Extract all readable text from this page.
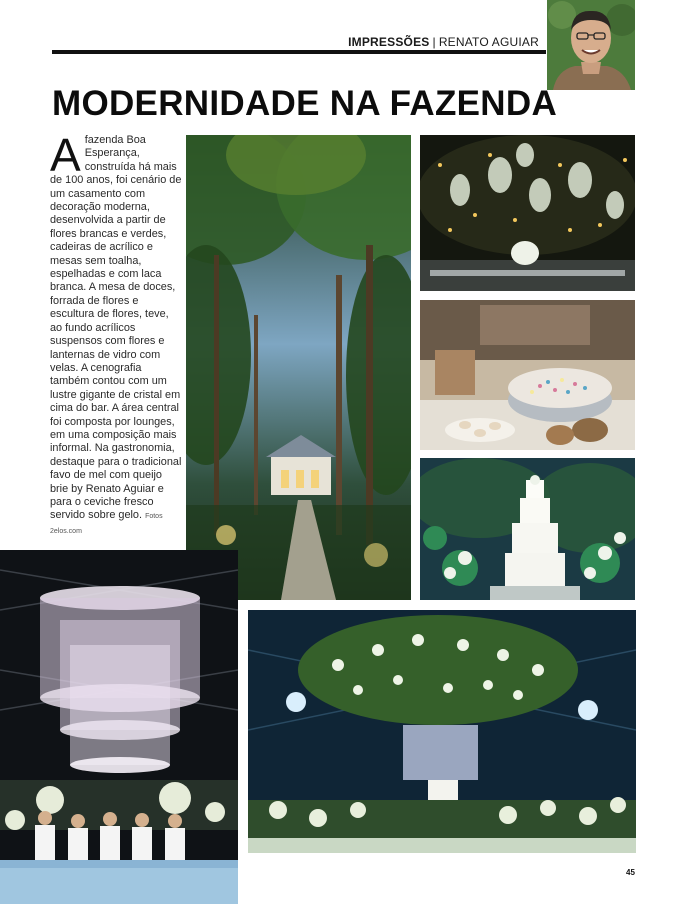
IMPRESSÕES | RENATO AGUIAR
MODERNIDADE NA FAZENDA
Afazenda Boa Esperança, construída há mais de 100 anos, foi cenário de um casamento com decoração moderna, desenvolvida a partir de flores brancas e verdes, cadeiras de acrílico e mesas sem toalha, espelhadas e com laca branca. A mesa de doces, forrada de flores e escultura de flores, teve, ao fundo acrílicos suspensos com flores e lanternas de vidro com velas. A cenografia também contou com um lustre gigante de cristal em cima do bar. A área central foi composta por lounges, em uma composição mais informal. Na gastronomia, destaque para o tradicional favo de mel com queijo brie by Renato Aguiar e para o ceviche fresco servido sobre gelo. Fotos 2elos.com
45
